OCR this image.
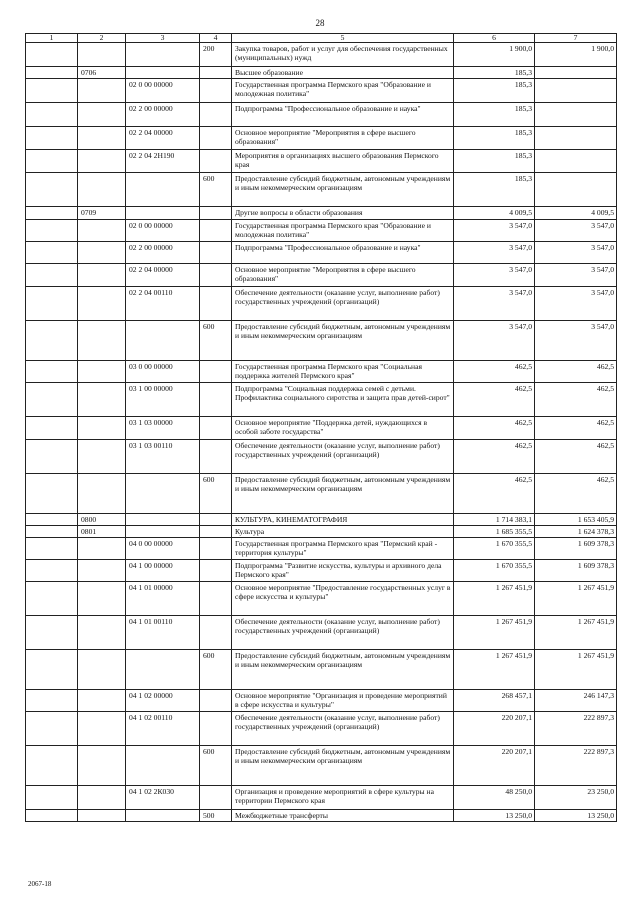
28
1	2	3	4	5	6	7
			200	Закупка товаров, работ и услуг для обеспечения государственных (муниципальных) нужд	1 900,0	1 900,0
	0706			Высшее образование	185,3	
		02 0 00 00000		Государственная программа Пермского края "Образование и молодежная политика"	185,3	
		02 2 00 00000		Подпрограмма "Профессиональное образование и наука"	185,3	
		02 2 04 00000		Основное мероприятие "Мероприятия в сфере высшего образования"	185,3	
		02 2 04 2Н190		Мероприятия в организациях высшего образования Пермского края	185,3	
			600	Предоставление субсидий бюджетным, автономным учреждениям и иным некоммерческим организациям	185,3	
	0709			Другие вопросы в области образования	4 009,5	4 009,5
		02 0 00 00000		Государственная программа Пермского края "Образование и молодежная политика"	3 547,0	3 547,0
		02 2 00 00000		Подпрограмма "Профессиональное образование и наука"	3 547,0	3 547,0
		02 2 04 00000		Основное мероприятие "Мероприятия в сфере высшего образования"	3 547,0	3 547,0
		02 2 04 00110		Обеспечение деятельности (оказание услуг, выполнение работ) государственных учреждений (организаций)	3 547,0	3 547,0
			600	Предоставление субсидий бюджетным, автономным учреждениям и иным некоммерческим организациям	3 547,0	3 547,0
		03 0 00 00000		Государственная программа Пермского края "Социальная поддержка жителей Пермского края"	462,5	462,5
		03 1 00 00000		Подпрограмма "Социальная поддержка семей с детьми. Профилактика социального сиротства и защита прав детей-сирот"	462,5	462,5
		03 1 03 00000		Основное мероприятие "Поддержка детей, нуждающихся в особой заботе государства"	462,5	462,5
		03 1 03 00110		Обеспечение деятельности (оказание услуг, выполнение работ) государственных учреждений (организаций)	462,5	462,5
			600	Предоставление субсидий бюджетным, автономным учреждениям и иным некоммерческим организациям	462,5	462,5
	0800			КУЛЬТУРА, КИНЕМАТОГРАФИЯ	1 714 383,1	1 653 405,9
	0801			Культура	1 685 355,5	1 624 378,3
		04 0 00 00000		Государственная программа Пермского края "Пермский край - территория культуры"	1 670 355,5	1 609 378,3
		04 1 00 00000		Подпрограмма "Развитие искусства, культуры и архивного дела Пермского края"	1 670 355,5	1 609 378,3
		04 1 01 00000		Основное мероприятие "Предоставление государственных услуг в сфере искусства и культуры"	1 267 451,9	1 267 451,9
		04 1 01 00110		Обеспечение деятельности (оказание услуг, выполнение работ) государственных учреждений (организаций)	1 267 451,9	1 267 451,9
			600	Предоставление субсидий бюджетным, автономным учреждениям и иным некоммерческим организациям	1 267 451,9	1 267 451,9
		04 1 02 00000		Основное мероприятие "Организация и проведение мероприятий в сфере искусства и культуры"	268 457,1	246 147,3
		04 1 02 00110		Обеспечение деятельности (оказание услуг, выполнение работ) государственных учреждений (организаций)	220 207,1	222 897,3
			600	Предоставление субсидий бюджетным, автономным учреждениям и иным некоммерческим организациям	220 207,1	222 897,3
		04 1 02 2К030		Организация и проведение мероприятий в сфере культуры на территории Пермского края	48 250,0	23 250,0
			500	Межбюджетные трансферты	13 250,0	13 250,0
2067-18
